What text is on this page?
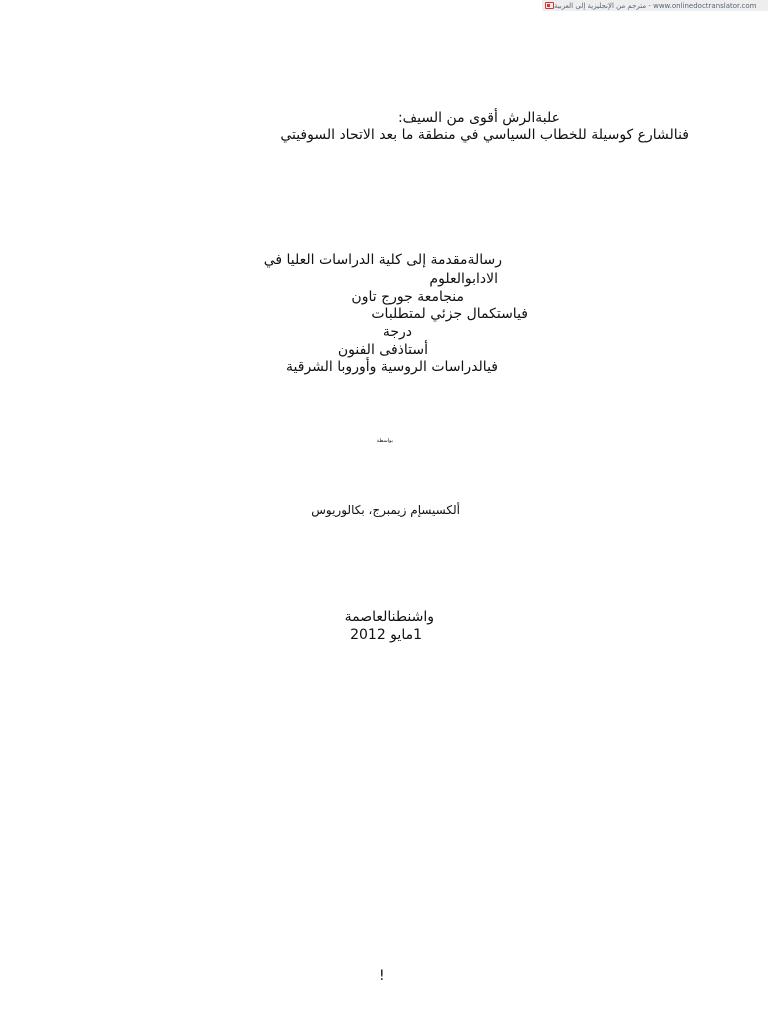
www.onlinedoctranslator.com - مترجم من الإنجليزية إلى العربية
علبةالرش أقوى من السيف:
فنالشارع كوسيلة للخطاب السياسي في منطقة ما بعد الاتحاد السوفيتي
رسالةمقدمة إلى كلية الدراسات العليا في
الادابوالعلوم
منجامعة جورج تاون
فياستكمال جزئي لمتطلبات
درجة
أستاذفى الفنون
فيالدراسات الروسية وأوروبا الشرقية
بواسطة
ألكسيسإم زيمبرج، بكالوريوس
واشنطنالعاصمة
1مايو 2012
!
